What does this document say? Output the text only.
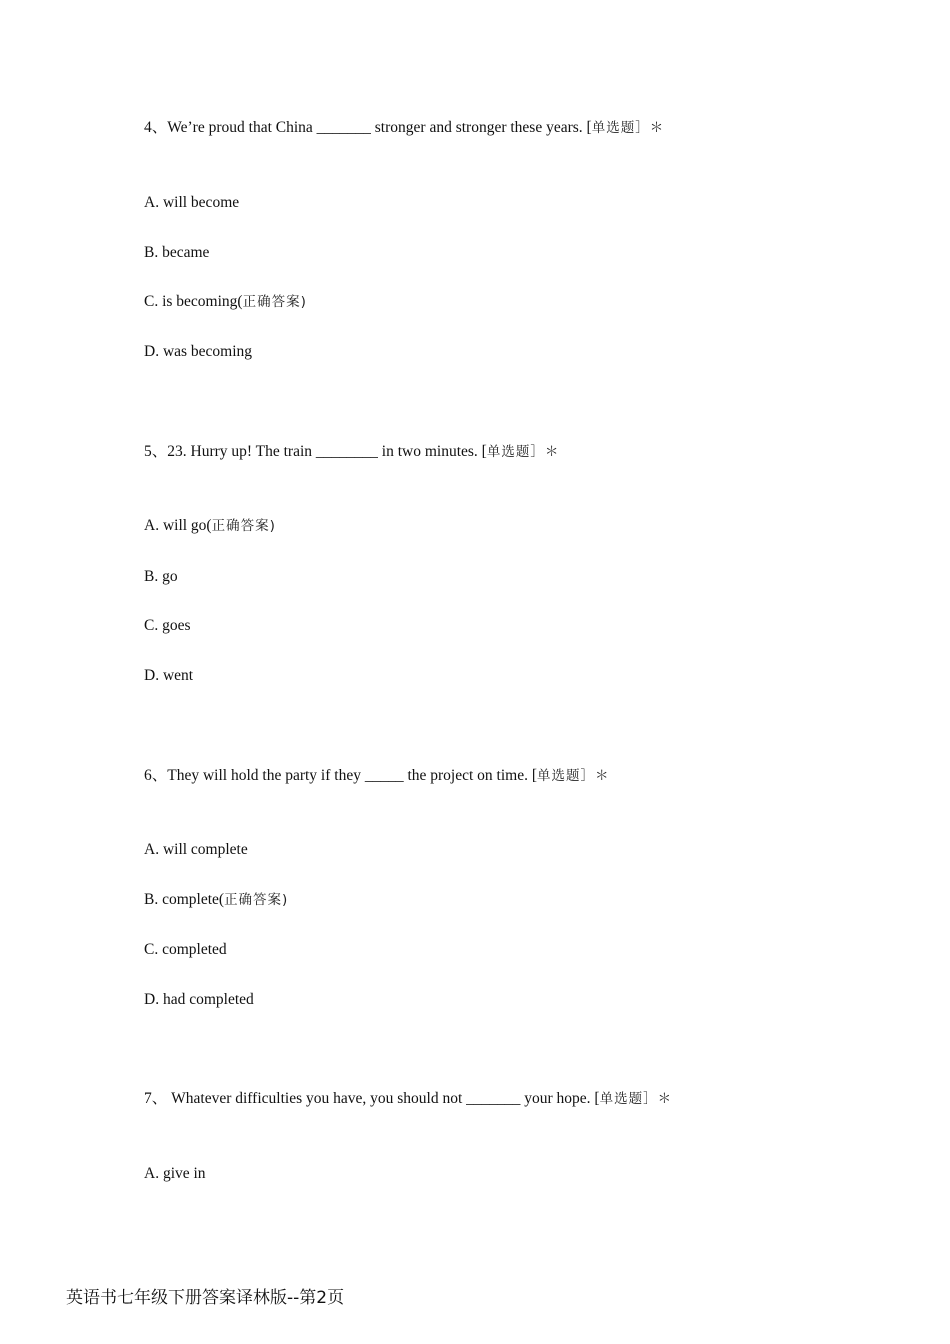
4、We’re proud that China _______ stronger and stronger these years. [单选题］＊
A. will become
B. became
C. is becoming(正确答案)
D. was becoming
5、23. Hurry up! The train ________ in two minutes. [单选题］＊
A. will go(正确答案)
B. go
C. goes
D. went
6、They will hold the party if they _____ the project on time. [单选题］＊
A. will complete
B. complete(正确答案)
C. completed
D. had completed
7、 Whatever difficulties you have, you should not _______ your hope. [单选题］＊
A. give in
英语书七年级下册答案译林版--第2页
